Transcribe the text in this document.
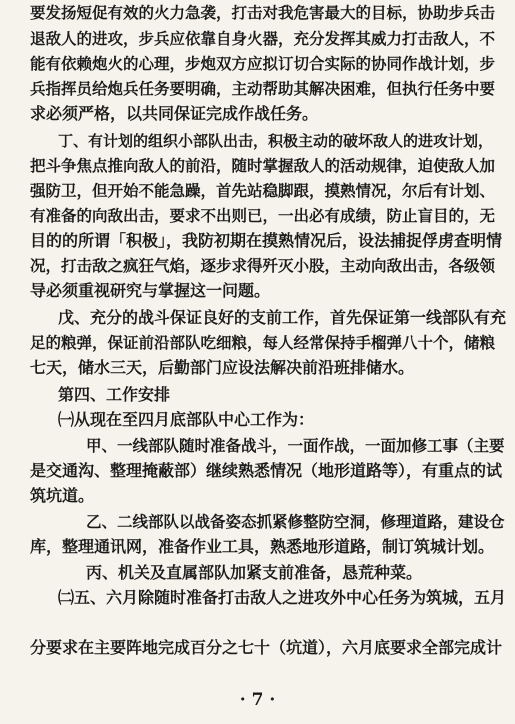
要发扬短促有效的火力急袭，打击对我危害最大的目标，协助步兵击
退敌人的进攻，步兵应依靠自身火器，充分发挥其威力打击敌人，不
能有依赖炮火的心理，步炮双方应拟订切合实际的协同作战计划，步
兵指挥员给炮兵任务要明确，主动帮助其解决困难，但执行任务中要
求必须严格，以共同保证完成作战任务。
丁、有计划的组织小部队出击，积极主动的破坏敌人的进攻计划，
把斗争焦点推向敌人的前沿，随时掌握敌人的活动规律，迫使敌人加
强防卫，但开始不能急躁，首先站稳脚跟，摸熟情况，尔后有计划、
有准备的向敌出击，要求不出则已，一出必有成绩，防止盲目的，无
目的的所谓「积极」，我防初期在摸熟情况后，设法捕捉俘虏查明情
况，打击敌之疯狂气焰，逐步求得歼灭小股，主动向敌出击，各级领
导必须重视研究与掌握这一问题。
戊、充分的战斗保证良好的支前工作，首先保证第一线部队有充
足的粮弹，保证前沿部队吃细粮，每人经常保持手榴弹八十个，储粮
七天，储水三天，后勤部门应设法解决前沿班排储水。
第四、工作安排
㈠从现在至四月底部队中心工作为：
甲、一线部队随时准备战斗，一面作战，一面加修工事（主要
是交通沟、整理掩蔽部）继续熟悉情况（地形道路等），有重点的试
筑坑道。
乙、二线部队以战备姿态抓紧修整防空洞，修理道路，建设仓
库，整理通讯网，准备作业工具，熟悉地形道路，制订筑城计划。
丙、机关及直属部队加紧支前准备，恳荒种菜。
㈡五、六月除随时准备打击敌人之进攻外中心任务为筑城，五月
· 7 ·
分要求在主要阵地完成百分之七十（坑道），六月底要求全部完成计
